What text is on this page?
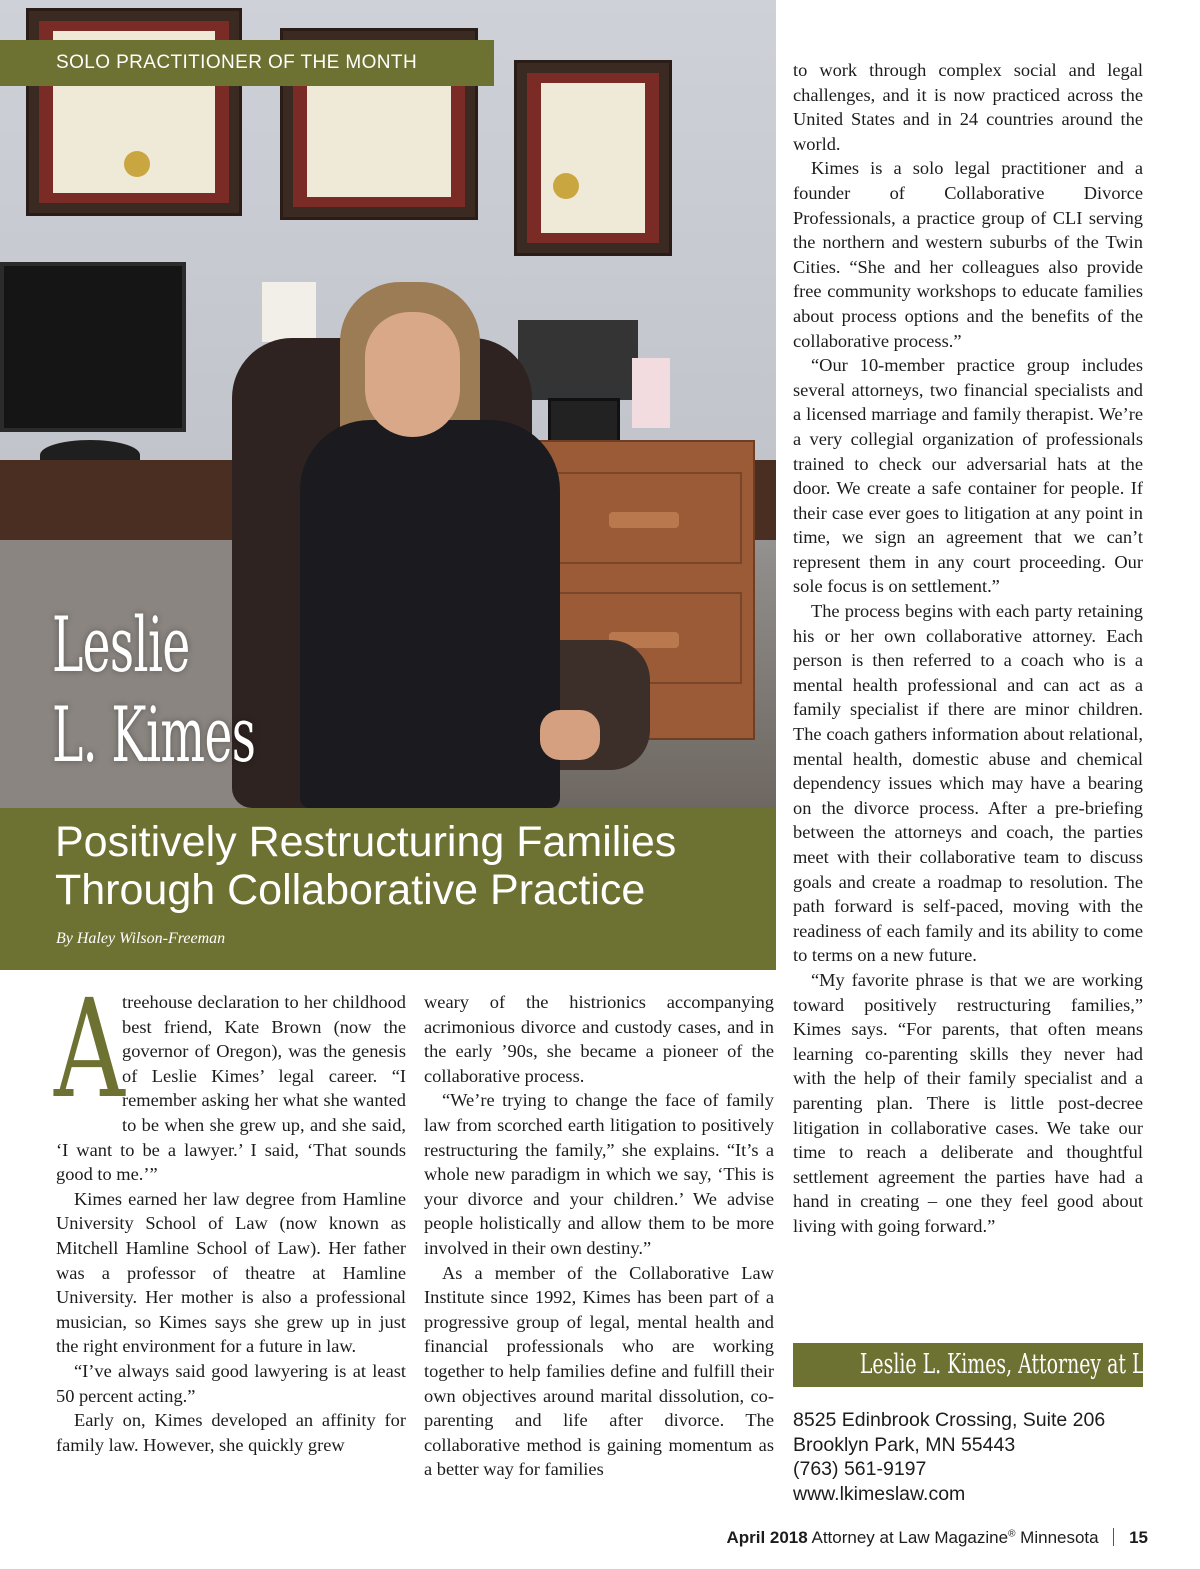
SOLO PRACTITIONER OF THE MONTH
Leslie
L. Kimes
Positively Restructuring Families
Through Collaborative Practice
By Haley Wilson-Freeman

A
treehouse declaration to her childhood best friend, Kate Brown (now the governor of Oregon), was the genesis of Leslie Kimes’ legal career. “I remember asking her what she wanted to be when she grew up, and she said, ‘I want to be a lawyer.’ I said, ‘That sounds good to me.’”

Kimes earned her law degree from Hamline University School of Law (now known as Mitchell Hamline School of Law). Her father was a professor of theatre at Hamline University. Her mother is also a professional musician, so Kimes says she grew up in just the right environment for a future in law.

“I’ve always said good lawyering is at least 50 percent acting.”

Early on, Kimes developed an affinity for family law. However, she quickly grew

weary of the histrionics accompanying acrimonious divorce and custody cases, and in the early ’90s, she became a pioneer of the collaborative process.

“We’re trying to change the face of family law from scorched earth litigation to positively restructuring the family,” she explains. “It’s a whole new paradigm in which we say, ‘This is your divorce and your children.’ We advise people holistically and allow them to be more involved in their own destiny.”

As a member of the Collaborative Law Institute since 1992, Kimes has been part of a progressive group of legal, mental health and financial professionals who are working together to help families define and fulfill their own objectives around marital dissolution, co-parenting and life after divorce. The collaborative method is gaining momentum as a better way for families

to work through complex social and legal challenges, and it is now practiced across the United States and in 24 countries around the world.

Kimes is a solo legal practitioner and a founder of Collaborative Divorce Professionals, a practice group of CLI serving the northern and western suburbs of the Twin Cities. “She and her colleagues also provide free community workshops to educate families about process options and the benefits of the collaborative process.”

“Our 10-member practice group includes several attorneys, two financial specialists and a licensed marriage and family therapist. We’re a very collegial organization of professionals trained to check our adversarial hats at the door. We create a safe container for people. If their case ever goes to litigation at any point in time, we sign an agreement that we can’t represent them in any court proceeding. Our sole focus is on settlement.”

The process begins with each party retaining his or her own collaborative attorney. Each person is then referred to a coach who is a mental health professional and can act as a family specialist if there are minor children. The coach gathers information about relational, mental health, domestic abuse and chemical dependency issues which may have a bearing on the divorce process. After a pre-briefing between the attorneys and coach, the parties meet with their collaborative team to discuss goals and create a roadmap to resolution. The path forward is self-paced, moving with the readiness of each family and its ability to come to terms on a new future.

“My favorite phrase is that we are working toward positively restructuring families,” Kimes says. “For parents, that often means learning co-parenting skills they never had with the help of their family specialist and a parenting plan. There is little post-decree litigation in collaborative cases. We take our time to reach a deliberate and thoughtful settlement agreement the parties have had a hand in creating – one they feel good about living with going forward.”

Leslie L. Kimes, Attorney at Law
8525 Edinbrook Crossing, Suite 206
Brooklyn Park, MN 55443
(763) 561-9197
www.lkimeslaw.com
April 2018 Attorney at Law Magazine® Minnesota 15
